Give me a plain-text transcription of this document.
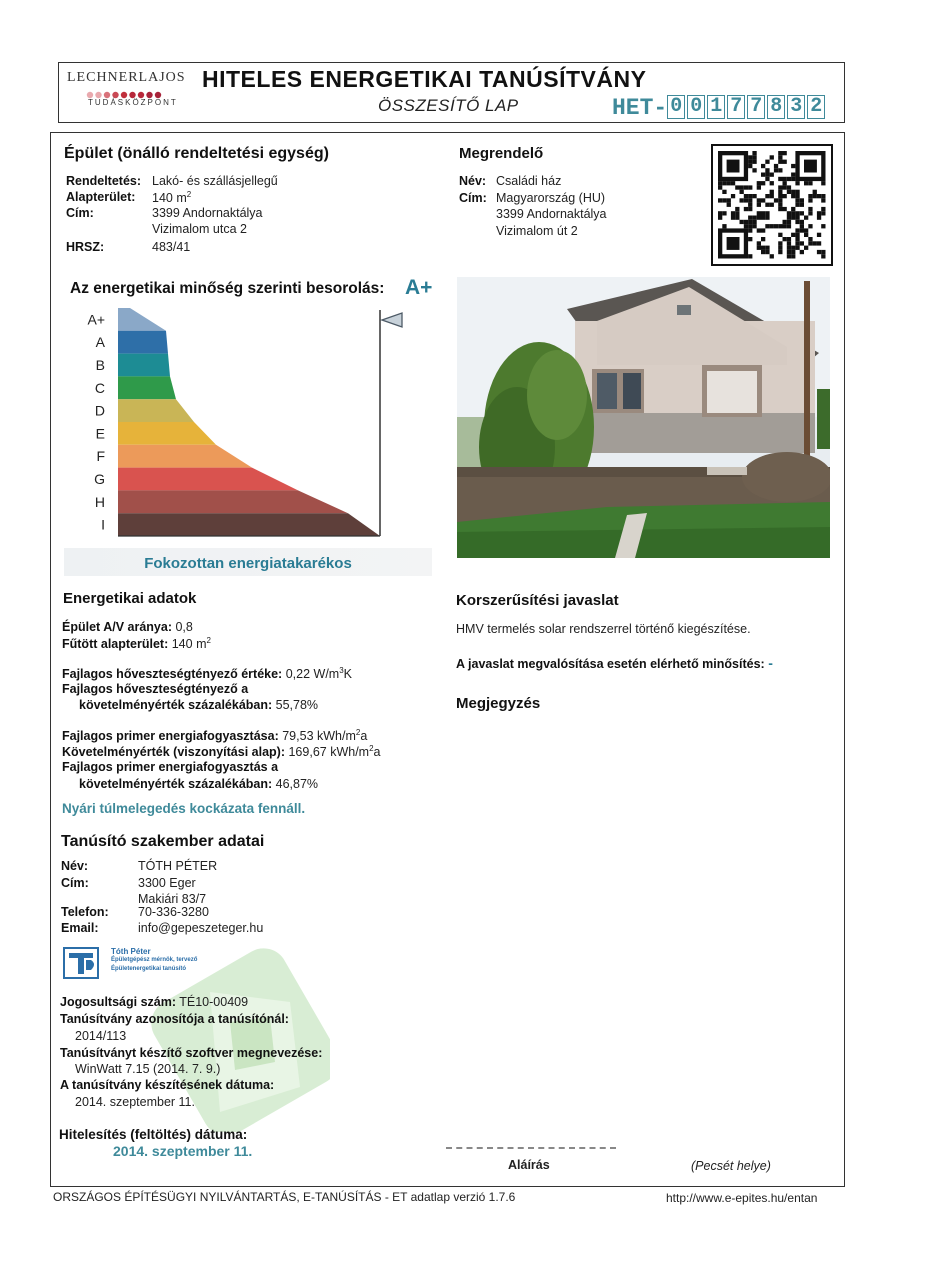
LECHNERLAJOS
TUDÁSKÖZPONT
HITELES ENERGETIKAI TANÚSÍTVÁNY
ÖSSZESÍTŐ LAP	HET- 0 0 1 7 7 8 3 2
Épület (önálló rendeltetési egység)
Rendeltetés: Lakó- és szállásjellegű
Alapterület: 140 $m^2$
Cím:	3399 Andornaktálya
Vizimalom utca 2
HRSZ:	483/41
Megrendelő
Név: Családi ház
Cím: Magyarország (HU)
3399 Andornaktálya
Vizimalom út 2
Az energetikai minőség szerinti besorolás: A+
A+
A
B
C
D
E
F
G
H
I
Fokozottan energiatakarékos
Energetikai adatok
Épület A/V aránya: 0,8
Fűtött alapterület: 140 $m^2$
Fajlagos hőveszteségtényező értéke: 0,22 $W/m^3K$
Fajlagos hőveszteségtényező a
követelményérték százalékában: 55,78%
Fajlagos primer energiafogyasztása: 79,53 kWh/$m^2a$
Követelményérték (viszonyítási alap): 169,67 kWh/$m^2a$
Fajlagos primer energiafogyasztás a
követelményérték százalékában: 46,87%
Nyári túlmelegedés kockázata fennáll.
Korszerűsítési javaslat
HMV termelés solar rendszerrel történő kiegészítése.
A javaslat megvalósítása esetén elérhető minősítés: -
Megjegyzés
Tanúsító szakember adatai
Név:	TÓTH PÉTER
Cím:	3300 Eger
Makiári 83/7
Telefon: 70-336-3280
Email:	info@gepeszeteger.hu
Tóth Péter
Épületgépész mérnök, tervező
Épületenergetikai tanúsító
Jogosultsági szám: TÉ10-00409
Tanúsítvány azonosítója a tanúsítónál:
2014/113
Tanúsítványt készítő szoftver megnevezése:
WinWatt 7.15 (2014. 7. 9.)
A tanúsítvány készítésének dátuma:
2014. szeptember 11.
Hitelesítés (feltöltés) dátuma:
2014. szeptember 11.
Aláírás	(Pecsét helye)
ORSZÁGOS ÉPÍTÉSÜGYI NYILVÁNTARTÁS, E-TANÚSÍTÁS - ET adatlap verzió 1.7.6	http://www.e-epites.hu/entan
